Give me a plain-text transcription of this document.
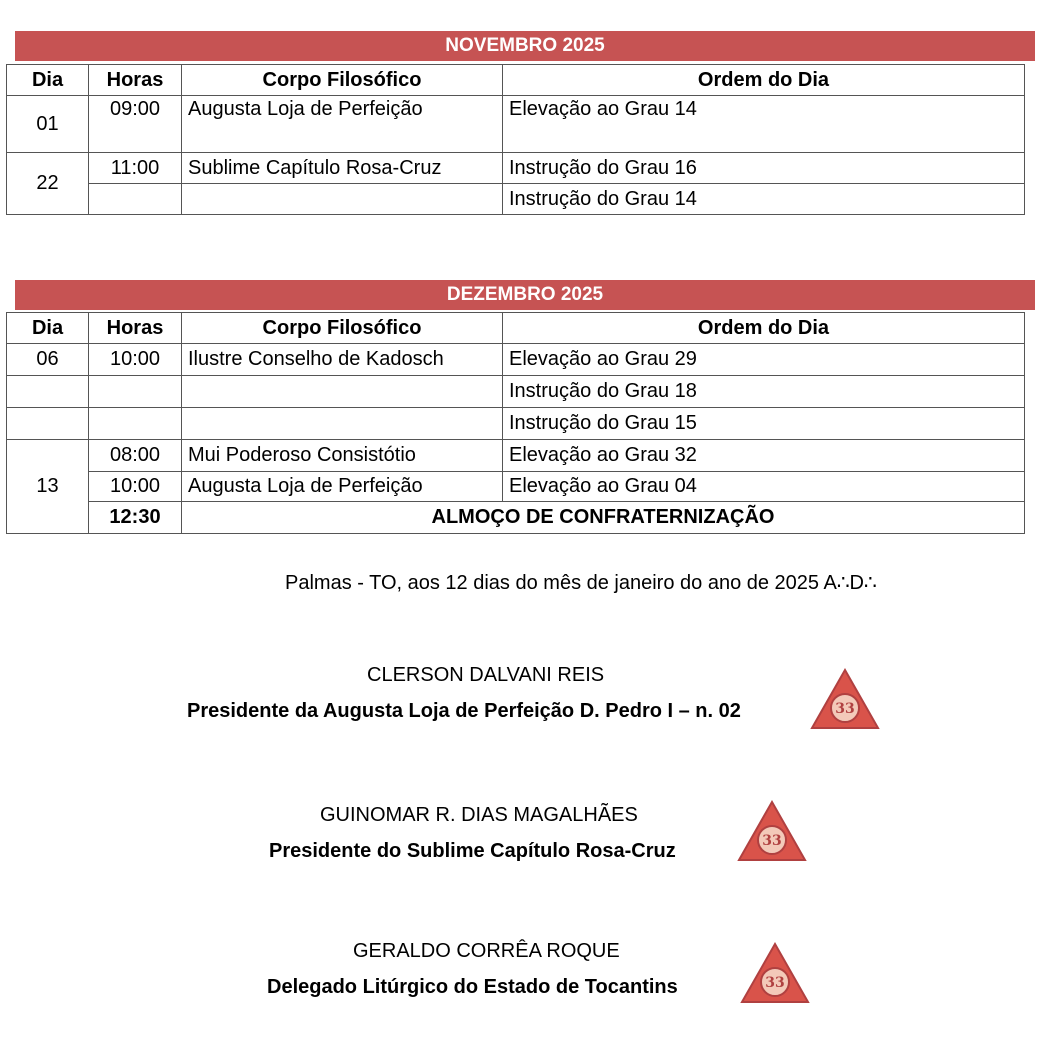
NOVEMBRO 2025
Dia	Horas	Corpo Filosófico	Ordem do Dia
01	09:00	Augusta Loja de Perfeição	Elevação ao Grau 14
22	11:00	Sublime Capítulo Rosa-Cruz	Instrução do Grau 16
			Instrução do Grau 14
DEZEMBRO 2025
Dia	Horas	Corpo Filosófico	Ordem do Dia
06	10:00	Ilustre Conselho de Kadosch	Elevação ao Grau 29
			Instrução do Grau 18
			Instrução do Grau 15
13	08:00	Mui Poderoso Consistótio	Elevação ao Grau 32
	10:00	Augusta Loja de Perfeição	Elevação ao Grau 04
	12:30	ALMOÇO DE CONFRATERNIZAÇÃO	
Palmas - TO, aos 12 dias do mês de janeiro do ano de 2025 A∴D∴
CLERSON DALVANI REIS
Presidente da Augusta Loja de Perfeição D. Pedro I – n. 02	33
GUINOMAR R. DIAS MAGALHÃES
Presidente do Sublime Capítulo Rosa-Cruz	33
GERALDO CORRÊA ROQUE
Delegado Litúrgico do Estado de Tocantins	33
